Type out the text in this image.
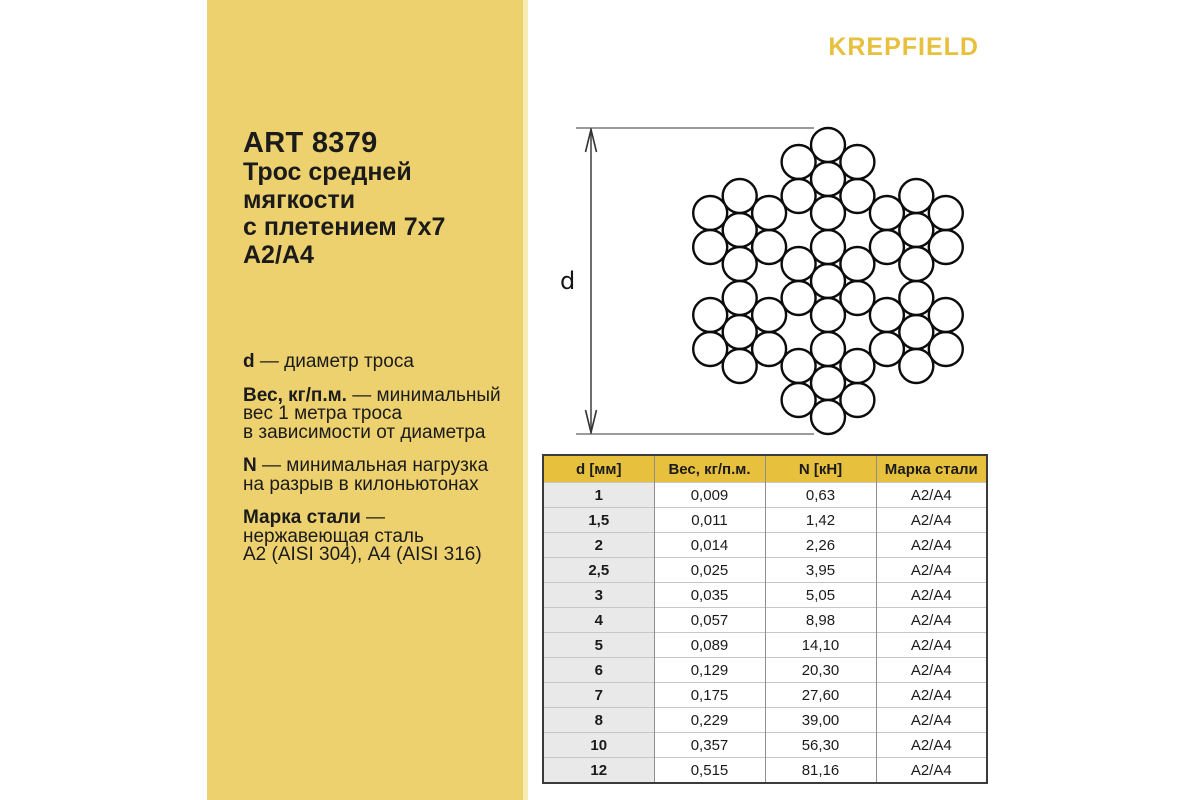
KREPFIELD
ART 8379
Трос средней
мягкости
с плетением 7х7
А2/А4

d — диаметр троса

Вес, кг/п.м. — минимальный
вес 1 метра троса
в зависимости от диаметра

N — минимальная нагрузка
на разрыв в килоньютонах

Марка стали —
нержавеющая сталь
А2 (AISI 304), А4 (AISI 316)

d
d [мм]	Вес, кг/п.м.	N [кН]	Марка стали
1	0,009	0,63	A2/A4
1,5	0,011	1,42	A2/A4
2	0,014	2,26	A2/A4
2,5	0,025	3,95	A2/A4
3	0,035	5,05	A2/A4
4	0,057	8,98	A2/A4
5	0,089	14,10	A2/A4
6	0,129	20,30	A2/A4
7	0,175	27,60	A2/A4
8	0,229	39,00	A2/A4
10	0,357	56,30	A2/A4
12	0,515	81,16	A2/A4
